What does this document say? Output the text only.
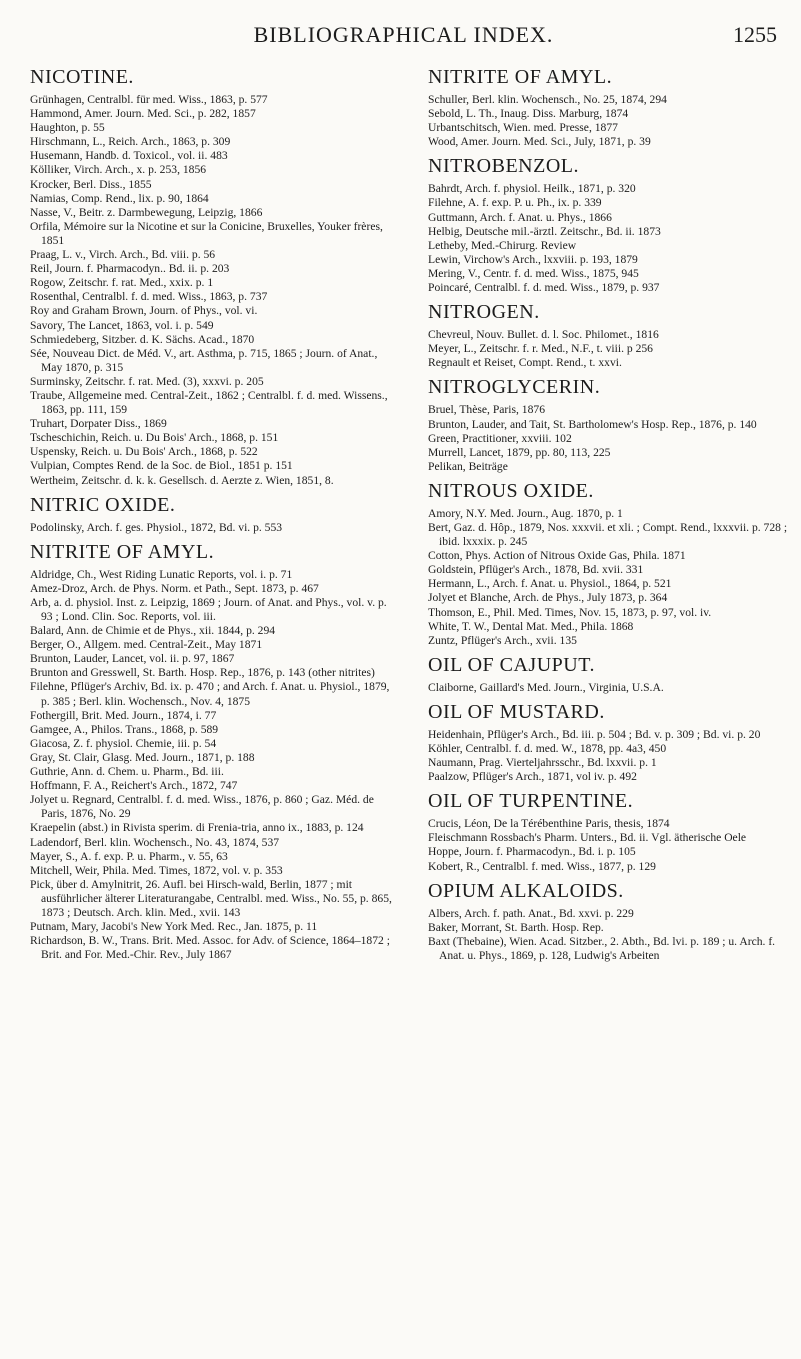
BIBLIOGRAPHICAL INDEX.	1255
NICOTINE.

Grünhagen, Centralbl. für med. Wiss., 1863, p. 577

Hammond, Amer. Journ. Med. Sci., p. 282, 1857

Haughton, p. 55

Hirschmann, L., Reich. Arch., 1863, p. 309

Husemann, Handb. d. Toxicol., vol. ii. 483

Kölliker, Virch. Arch., x. p. 253, 1856

Krocker, Berl. Diss., 1855

Namias, Comp. Rend., lix. p. 90, 1864

Nasse, V., Beitr. z. Darmbewegung, Leipzig, 1866

Orfila, Mémoire sur la Nicotine et sur la Conicine, Bruxelles, Youker frères, 1851

Praag, L. v., Virch. Arch., Bd. viii. p. 56

Reil, Journ. f. Pharmacodyn.. Bd. ii. p. 203

Rogow, Zeitschr. f. rat. Med., xxix. p. 1

Rosenthal, Centralbl. f. d. med. Wiss., 1863, p. 737

Roy and Graham Brown, Journ. of Phys., vol. vi.

Savory, The Lancet, 1863, vol. i. p. 549

Schmiedeberg, Sitzber. d. K. Sächs. Acad., 1870

Sée, Nouveau Dict. de Méd. V., art. Asthma, p. 715, 1865 ; Journ. of Anat., May 1870, p. 315

Surminsky, Zeitschr. f. rat. Med. (3), xxxvi. p. 205

Traube, Allgemeine med. Central-Zeit., 1862 ; Centralbl. f. d. med. Wissens., 1863, pp. 111, 159

Truhart, Dorpater Diss., 1869

Tscheschichin, Reich. u. Du Bois' Arch., 1868, p. 151

Uspensky, Reich. u. Du Bois' Arch., 1868, p. 522

Vulpian, Comptes Rend. de la Soc. de Biol., 1851 p. 151

Wertheim, Zeitschr. d. k. k. Gesellsch. d. Aerzte z. Wien, 1851, 8.

NITRIC OXIDE.

Podolinsky, Arch. f. ges. Physiol., 1872, Bd. vi. p. 553

NITRITE OF AMYL.

Aldridge, Ch., West Riding Lunatic Reports, vol. i. p. 71

Amez-Droz, Arch. de Phys. Norm. et Path., Sept. 1873, p. 467

Arb, a. d. physiol. Inst. z. Leipzig, 1869 ; Journ. of Anat. and Phys., vol. v. p. 93 ; Lond. Clin. Soc. Reports, vol. iii.

Balard, Ann. de Chimie et de Phys., xii. 1844, p. 294

Berger, O., Allgem. med. Central-Zeit., May 1871

Brunton, Lauder, Lancet, vol. ii. p. 97, 1867

Brunton and Gresswell, St. Barth. Hosp. Rep., 1876, p. 143 (other nitrites)

Filehne, Pflüger's Archiv, Bd. ix. p. 470 ; and Arch. f. Anat. u. Physiol., 1879, p. 385 ; Berl. klin. Wochensch., Nov. 4, 1875

Fothergill, Brit. Med. Journ., 1874, i. 77

Gamgee, A., Philos. Trans., 1868, p. 589

Giacosa, Z. f. physiol. Chemie, iii. p. 54

Gray, St. Clair, Glasg. Med. Journ., 1871, p. 188

Guthrie, Ann. d. Chem. u. Pharm., Bd. iii.

Hoffmann, F. A., Reichert's Arch., 1872, 747

Jolyet u. Regnard, Centralbl. f. d. med. Wiss., 1876, p. 860 ; Gaz. Méd. de Paris, 1876, No. 29

Kraepelin (abst.) in Rivista sperim. di Frenia-tria, anno ix., 1883, p. 124

Ladendorf, Berl. klin. Wochensch., No. 43, 1874, 537

Mayer, S., A. f. exp. P. u. Pharm., v. 55, 63

Mitchell, Weir, Phila. Med. Times, 1872, vol. v. p. 353

Pick, über d. Amylnitrit, 26. Aufl. bei Hirsch-wald, Berlin, 1877 ; mit ausführlicher älterer Literaturangabe, Centralbl. med. Wiss., No. 55, p. 865, 1873 ; Deutsch. Arch. klin. Med., xvii. 143

Putnam, Mary, Jacobi's New York Med. Rec., Jan. 1875, p. 11

Richardson, B. W., Trans. Brit. Med. Assoc. for Adv. of Science, 1864–1872 ; Brit. and For. Med.-Chir. Rev., July 1867

NITRITE OF AMYL.

Schuller, Berl. klin. Wochensch., No. 25, 1874, 294

Sebold, L. Th., Inaug. Diss. Marburg, 1874

Urbantschitsch, Wien. med. Presse, 1877

Wood, Amer. Journ. Med. Sci., July, 1871, p. 39

NITROBENZOL.

Bahrdt, Arch. f. physiol. Heilk., 1871, p. 320

Filehne, A. f. exp. P. u. Ph., ix. p. 339

Guttmann, Arch. f. Anat. u. Phys., 1866

Helbig, Deutsche mil.-ärztl. Zeitschr., Bd. ii. 1873

Letheby, Med.-Chirurg. Review

Lewin, Virchow's Arch., lxxviii. p. 193, 1879

Mering, V., Centr. f. d. med. Wiss., 1875, 945

Poincaré, Centralbl. f. d. med. Wiss., 1879, p. 937

NITROGEN.

Chevreul, Nouv. Bullet. d. l. Soc. Philomet., 1816

Meyer, L., Zeitschr. f. r. Med., N.F., t. viii. p 256

Regnault et Reiset, Compt. Rend., t. xxvi.

NITROGLYCERIN.

Bruel, Thèse, Paris, 1876

Brunton, Lauder, and Tait, St. Bartholomew's Hosp. Rep., 1876, p. 140

Green, Practitioner, xxviii. 102

Murrell, Lancet, 1879, pp. 80, 113, 225

Pelikan, Beiträge

NITROUS OXIDE.

Amory, N.Y. Med. Journ., Aug. 1870, p. 1

Bert, Gaz. d. Hôp., 1879, Nos. xxxvii. et xli. ; Compt. Rend., lxxxvii. p. 728 ; ibid. lxxxix. p. 245

Cotton, Phys. Action of Nitrous Oxide Gas, Phila. 1871

Goldstein, Pflüger's Arch., 1878, Bd. xvii. 331

Hermann, L., Arch. f. Anat. u. Physiol., 1864, p. 521

Jolyet et Blanche, Arch. de Phys., July 1873, p. 364

Thomson, E., Phil. Med. Times, Nov. 15, 1873, p. 97, vol. iv.

White, T. W., Dental Mat. Med., Phila. 1868

Zuntz, Pflüger's Arch., xvii. 135

OIL OF CAJUPUT.

Claiborne, Gaillard's Med. Journ., Virginia, U.S.A.

OIL OF MUSTARD.

Heidenhain, Pflüger's Arch., Bd. iii. p. 504 ; Bd. v. p. 309 ; Bd. vi. p. 20

Köhler, Centralbl. f. d. med. W., 1878, pp. 4a3, 450

Naumann, Prag. Vierteljahrsschr., Bd. lxxvii. p. 1

Paalzow, Pflüger's Arch., 1871, vol iv. p. 492

OIL OF TURPENTINE.

Crucis, Léon, De la Térébenthine Paris, thesis, 1874

Fleischmann Rossbach's Pharm. Unters., Bd. ii. Vgl. ätherische Oele

Hoppe, Journ. f. Pharmacodyn., Bd. i. p. 105

Kobert, R., Centralbl. f. med. Wiss., 1877, p. 129

OPIUM ALKALOIDS.

Albers, Arch. f. path. Anat., Bd. xxvi. p. 229

Baker, Morrant, St. Barth. Hosp. Rep.

Baxt (Thebaine), Wien. Acad. Sitzber., 2. Abth., Bd. lvi. p. 189 ; u. Arch. f. Anat. u. Phys., 1869, p. 128, Ludwig's Arbeiten
